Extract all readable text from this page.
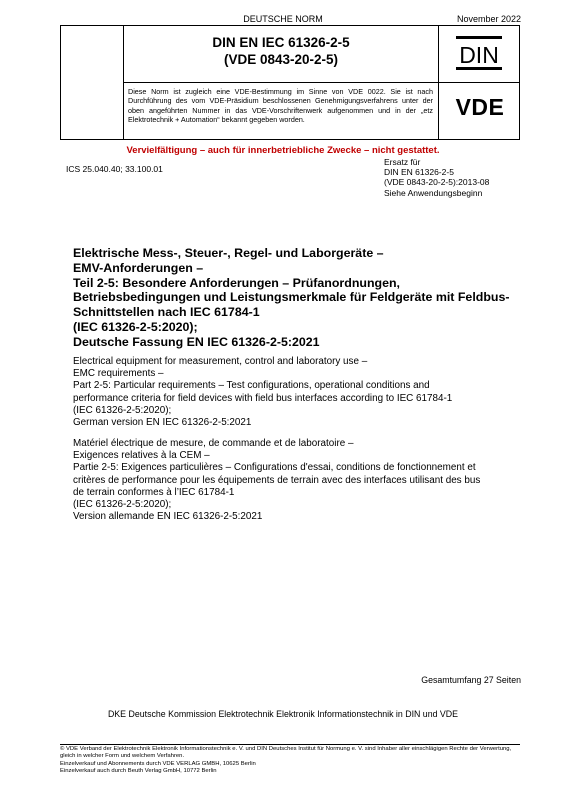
DEUTSCHE NORM	November 2022
DIN EN IEC 61326-2-5
(VDE 0843-20-2-5)
Diese Norm ist zugleich eine VDE-Bestimmung im Sinne von VDE 0022. Sie ist nach Durchführung des vom VDE-Präsidium beschlossenen Genehmigungsverfahrens unter der oben angeführten Nummer in das VDE-Vorschriftenwerk aufgenommen und in der „etz Elektrotechnik + Automation“ bekannt gegeben worden.
DIN
VDE
Vervielfältigung – auch für innerbetriebliche Zwecke – nicht gestattet.
ICS 25.040.40; 33.100.01
Ersatz für
DIN EN 61326-2-5
(VDE 0843-20-2-5):2013-08
Siehe Anwendungsbeginn
Elektrische Mess-, Steuer-, Regel- und Laborgeräte –
EMV-Anforderungen –
Teil 2-5: Besondere Anforderungen – Prüfanordnungen,
Betriebsbedingungen und Leistungsmerkmale für Feldgeräte mit Feldbus-
Schnittstellen nach IEC 61784-1
(IEC 61326-2-5:2020);
Deutsche Fassung EN IEC 61326-2-5:2021
Electrical equipment for measurement, control and laboratory use –
EMC requirements –
Part 2-5: Particular requirements – Test configurations, operational conditions and
performance criteria for field devices with field bus interfaces according to IEC 61784-1
(IEC 61326-2-5:2020);
German version EN IEC 61326-2-5:2021
Matériel électrique de mesure, de commande et de laboratoire –
Exigences relatives à la CEM –
Partie 2-5: Exigences particulières – Configurations d'essai, conditions de fonctionnement et
critères de performance pour les équipements de terrain avec des interfaces utilisant des bus
de terrain conformes à l’IEC 61784-1
(IEC 61326-2-5:2020);
Version allemande EN IEC 61326-2-5:2021
Gesamtumfang 27 Seiten
DKE Deutsche Kommission Elektrotechnik Elektronik Informationstechnik in DIN und VDE
© VDE Verband der Elektrotechnik Elektronik Informationstechnik e. V. und DIN Deutsches Institut für Normung e. V. sind Inhaber aller einschlägigen Rechte der Verwertung,
gleich in welcher Form und welchem Verfahren.
Einzelverkauf und Abonnements durch VDE VERLAG GMBH, 10625 Berlin
Einzelverkauf auch durch Beuth Verlag GmbH, 10772 Berlin
